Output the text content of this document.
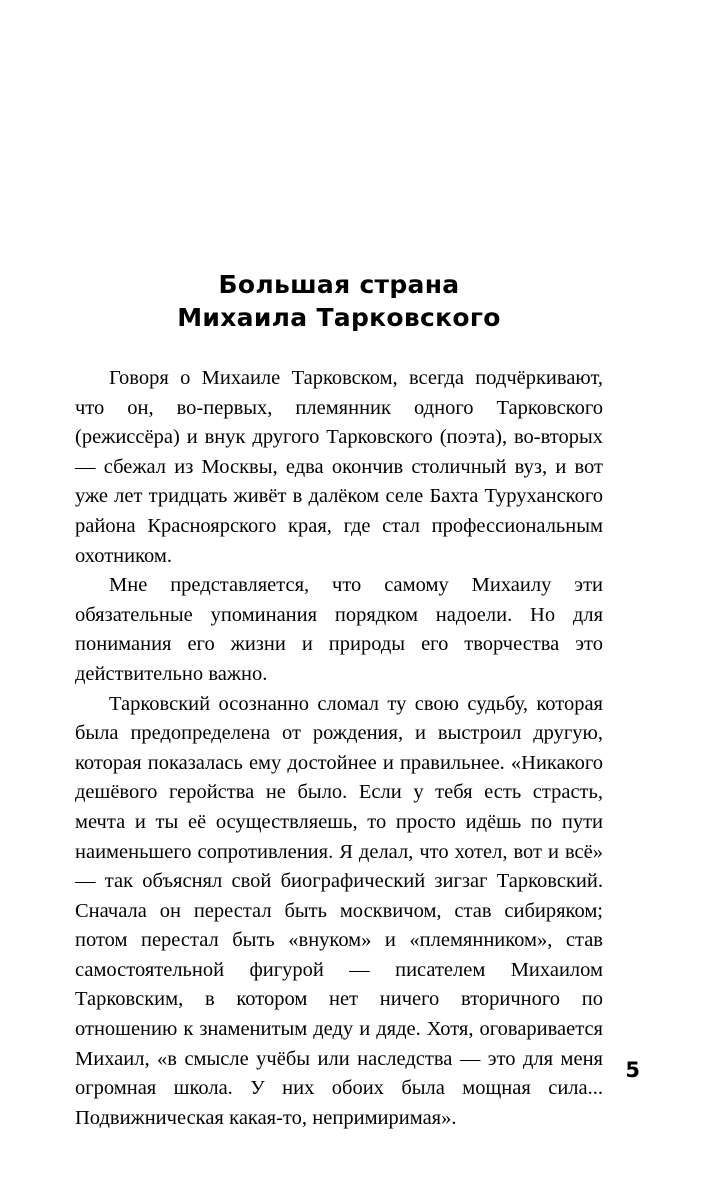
Большая страна
Михаила Тарковского

Говоря о Михаиле Тарковском, всегда подчёркивают, что он, во-первых, племянник одного Тарковского (режиссёра) и внук другого Тарковского (поэта), во-вторых — сбежал из Москвы, едва окончив столичный вуз, и вот уже лет тридцать живёт в далёком селе Бахта Туруханского района Красноярского края, где стал профессиональным охотником.

Мне представляется, что самому Михаилу эти обязательные упоминания порядком надоели. Но для понимания его жизни и природы его творчества это действительно важно.

Тарковский осознанно сломал ту свою судьбу, которая была предопределена от рождения, и выстроил другую, которая показалась ему достойнее и правильнее. «Никакого дешёвого геройства не было. Если у тебя есть страсть, мечта и ты её осуществляешь, то просто идёшь по пути наименьшего сопротивления. Я делал, что хотел, вот и всё» — так объяснял свой биографический зигзаг Тарковский. Сначала он перестал быть москвичом, став сибиряком; потом перестал быть «внуком» и «племянником», став самостоятельной фигурой — писателем Михаилом Тарковским, в котором нет ничего вторичного по отношению к знаменитым деду и дяде. Хотя, оговаривается Михаил, «в смысле учёбы или наследства — это для меня огромная школа. У них обоих была мощная сила... Подвижническая какая-то, непримиримая».

5
